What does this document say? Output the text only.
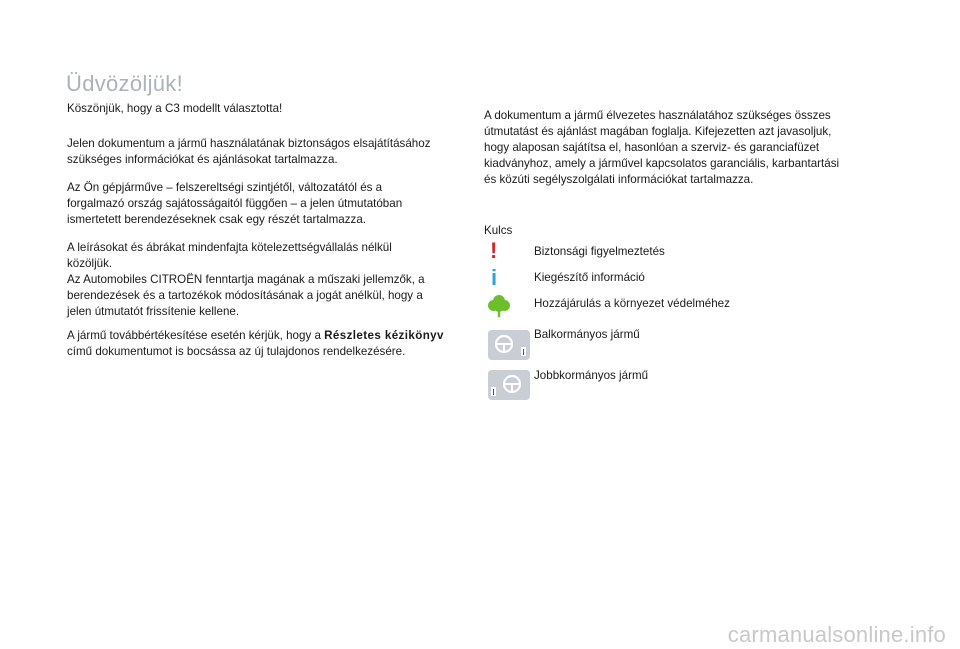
Üdvözöljük!

Köszönjük, hogy a C3 modellt választotta!

Jelen dokumentum a jármű használatának biztonságos elsajátításához
szükséges információkat és ajánlásokat tartalmazza.

Az Ön gépjárműve – felszereltségi szintjétől, változatától és a
forgalmazó ország sajátosságaitól függően – a jelen útmutatóban
ismertetett berendezéseknek csak egy részét tartalmazza.

A leírásokat és ábrákat mindenfajta kötelezettségvállalás nélkül
közöljük.
Az Automobiles CITROËN fenntartja magának a műszaki jellemzők, a
berendezések és a tartozékok módosításának a jogát anélkül, hogy a
jelen útmutatót frissítenie kellene.

A jármű továbbértékesítése esetén kérjük, hogy a Részletes kézikönyv
című dokumentumot is bocsássa az új tulajdonos rendelkezésére.

A dokumentum a jármű élvezetes használatához szükséges összes
útmutatást és ajánlást magában foglalja. Kifejezetten azt javasoljuk,
hogy alaposan sajátítsa el, hasonlóan a szerviz- és garanciafüzet
kiadványhoz, amely a járművel kapcsolatos garanciális, karbantartási
és közúti segélyszolgálati információkat tartalmazza.

Kulcs
!	Biztonsági figyelmeztetés
i	Kiegészítő információ
Hozzájárulás a környezet védelméhez
Balkormányos jármű
Jobbkormányos jármű
carmanualsonline.info
